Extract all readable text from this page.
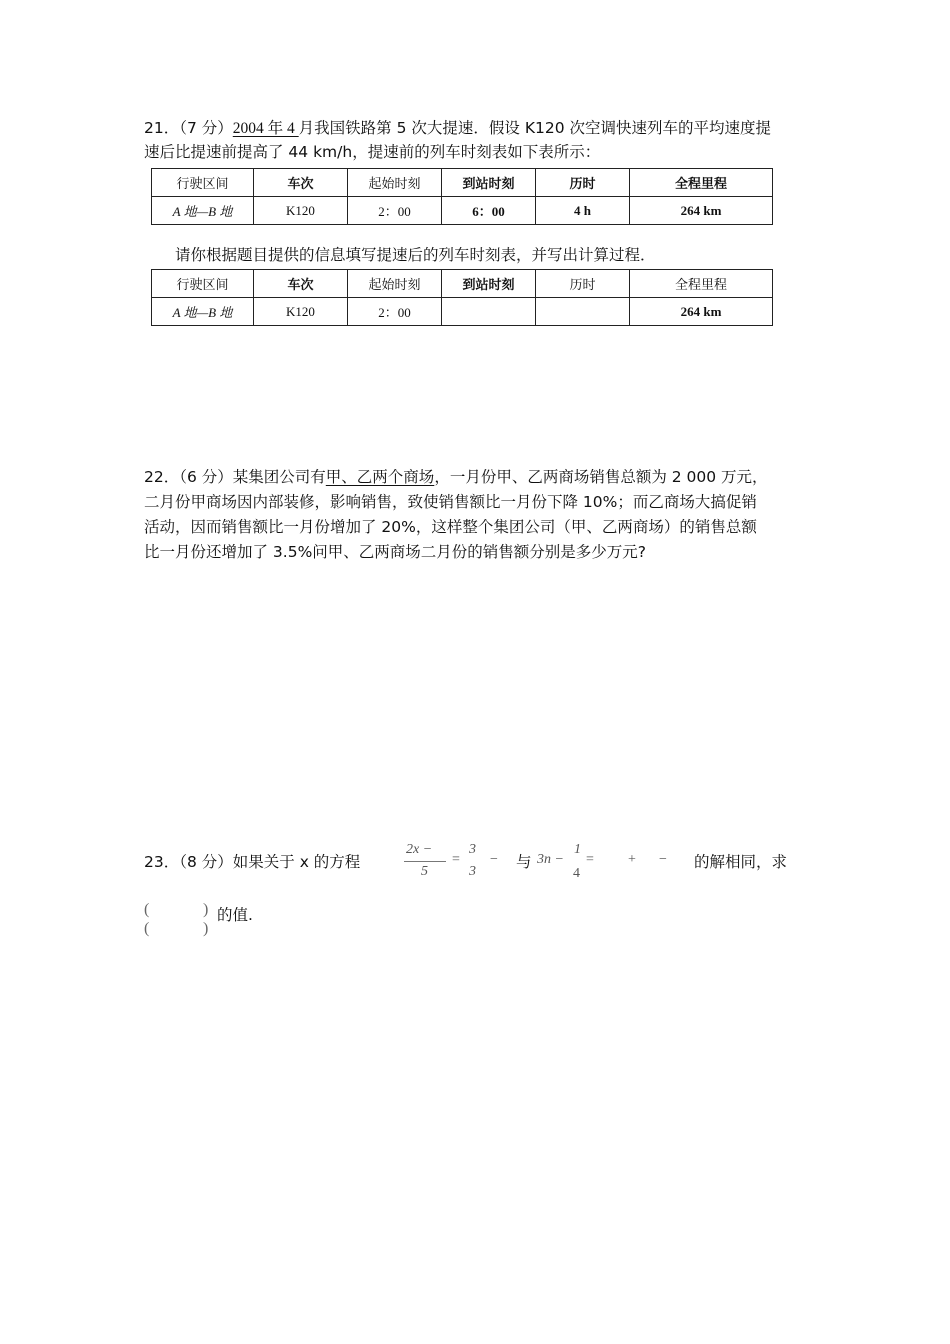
21．（7 分）2004 年 4 月我国铁路第 5 次大提速．假设 K120 次空调快速列车的平均速度提
速后比提速前提高了 44 km/h，提速前的列车时刻表如下表所示：
行驶区间	车次	起始时刻	到站时刻	历时	全程里程
A 地—B 地	K120	2：00	6：00	4 h	264 km
请你根据题目提供的信息填写提速后的列车时刻表，并写出计算过程．
行驶区间	车次	起始时刻	到站时刻	历时	全程里程
A 地—B 地	K120	2：00			264 km
22．（6 分）某集团公司有甲、乙两个商场，一月份甲、乙两商场销售总额为 2 000 万元，
二月份甲商场因内部装修，影响销售，致使销售额比一月份下降 10%；而乙商场大搞促销
活动，因而销售额比一月份增加了 20%，这样整个集团公司（甲、乙两商场）的销售总额
比一月份还增加了 3.5%问甲、乙两商场二月份的销售额分别是多少万元?
23．（8 分）如果关于 x 的方程
2x −
5
=
3
3
− 与 3n −
1
4
= + − 的解相同，求
(
(
)
)
的值.
